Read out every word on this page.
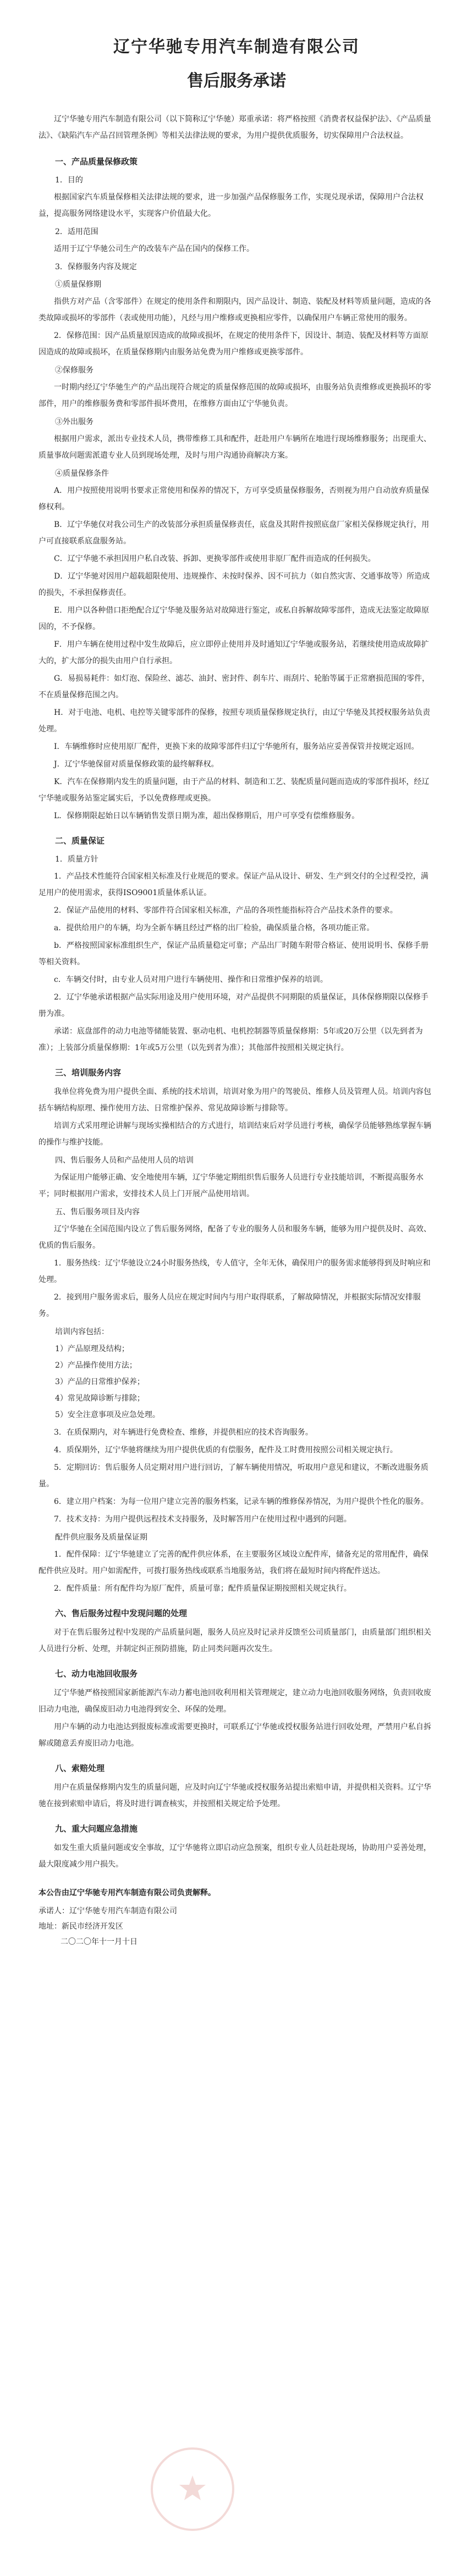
辽宁华驰专用汽车制造有限公司
售后服务承诺

辽宁华驰专用汽车制造有限公司（以下简称辽宁华驰）郑重承诺：将严格按照《消费者权益保护法》、《产品质量法》、《缺陷汽车产品召回管理条例》等相关法律法规的要求，为用户提供优质服务，切实保障用户合法权益。

一、产品质量保修政策
1．目的
根据国家汽车质量保修相关法律法规的要求，进一步加强产品保修服务工作，实现兑现承诺，保障用户合法权益，提高服务网络建设水平，实现客户价值最大化。
2．适用范围
适用于辽宁华驰公司生产的改装车产品在国内的保修工作。
3．保修服务内容及规定
①质量保修期
指供方对产品（含零部件）在规定的使用条件和期限内，因产品设计、制造、装配及材料等质量问题，造成的各类故障或损坏的零部件（表或使用功能），凡经与用户维修或更换相应零件，以确保用户车辆正常使用的服务。
2．保修范围：因产品质量原因造成的故障或损坏，在规定的使用条件下，因设计、制造、装配及材料等方面原因造成的故障或损坏，在质量保修期内由服务站免费为用户维修或更换零部件。
②保修服务
一时期内经辽宁华驰生产的产品出现符合规定的质量保修范围的故障或损坏，由服务站负责维修或更换损坏的零部件，用户的维修服务费和零部件损坏费用，在维修方面由辽宁华驰负责。
③外出服务
根据用户需求，派出专业技术人员，携带维修工具和配件，赶赴用户车辆所在地进行现场维修服务；出现重大、质量事故问题需派遣专业人员到现场处理，及时与用户沟通协商解决方案。
④质量保修条件
A．用户按照使用说明书要求正常使用和保养的情况下，方可享受质量保修服务，否则视为用户自动放弃质量保修权利。
B．辽宁华驰仅对我公司生产的改装部分承担质量保修责任，底盘及其附件按照底盘厂家相关保修规定执行，用户可直接联系底盘服务站。
C．辽宁华驰不承担因用户私自改装、拆卸、更换零部件或使用非原厂配件而造成的任何损失。
D．辽宁华驰对因用户超载超限使用、违规操作、未按时保养、因不可抗力（如自然灾害、交通事故等）所造成的损失，不承担保修责任。
E．用户以各种借口拒绝配合辽宁华驰及服务站对故障进行鉴定，或私自拆解故障零部件，造成无法鉴定故障原因的，不予保修。
F．用户车辆在使用过程中发生故障后，应立即停止使用并及时通知辽宁华驰或服务站，若继续使用造成故障扩大的，扩大部分的损失由用户自行承担。
G．易损易耗件：如灯泡、保险丝、滤芯、油封、密封件、刹车片、雨刮片、轮胎等属于正常磨损范围的零件，不在质量保修范围之内。
H．对于电池、电机、电控等关键零部件的保修，按照专项质量保修规定执行，由辽宁华驰及其授权服务站负责处理。
I．车辆维修时应使用原厂配件，更换下来的故障零部件归辽宁华驰所有，服务站应妥善保管并按规定返回。
J．辽宁华驰保留对质量保修政策的最终解释权。
K．汽车在保修期内发生的质量问题，由于产品的材料、制造和工艺、装配质量问题而造成的零部件损坏，经辽宁华驰或服务站鉴定属实后，予以免费修理或更换。
L．保修期限起始日以车辆销售发票日期为准，超出保修期后，用户可享受有偿维修服务。
二、质量保证
1．质量方针
1．产品技术性能符合国家相关标准及行业规范的要求。保证产品从设计、研发、生产到交付的全过程受控，满足用户的使用需求，获得ISO9001质量体系认证。
2．保证产品使用的材料、零部件符合国家相关标准，产品的各项性能指标符合产品技术条件的要求。
a．提供给用户的车辆，均为全新车辆且经过严格的出厂检验，确保质量合格，各项功能正常。
b．严格按照国家标准组织生产，保证产品质量稳定可靠；产品出厂时随车附带合格证、使用说明书、保修手册等相关资料。
c．车辆交付时，由专业人员对用户进行车辆使用、操作和日常维护保养的培训。
2．辽宁华驰承诺根据产品实际用途及用户使用环境，对产品提供不同期限的质量保证，具体保修期限以保修手册为准。
承诺：底盘部件的动力电池等储能装置、驱动电机、电机控制器等质量保修期：5年或20万公里（以先到者为准）；上装部分质量保修期：1年或5万公里（以先到者为准）；其他部件按照相关规定执行。
三、培训服务内容
我单位将免费为用户提供全面、系统的技术培训，培训对象为用户的驾驶员、维修人员及管理人员。培训内容包括车辆结构原理、操作使用方法、日常维护保养、常见故障诊断与排除等。
培训方式采用理论讲解与现场实操相结合的方式进行，培训结束后对学员进行考核，确保学员能够熟练掌握车辆的操作与维护技能。
四、售后服务人员和产品使用人员的培训
为保证用户能够正确、安全地使用车辆，辽宁华驰定期组织售后服务人员进行专业技能培训，不断提高服务水平；同时根据用户需求，安排技术人员上门开展产品使用培训。
五、售后服务项目及内容
辽宁华驰在全国范围内设立了售后服务网络，配备了专业的服务人员和服务车辆，能够为用户提供及时、高效、优质的售后服务。
1．服务热线：辽宁华驰设立24小时服务热线，专人值守，全年无休，确保用户的服务需求能够得到及时响应和处理。
2．接到用户服务需求后，服务人员应在规定时间内与用户取得联系，了解故障情况，并根据实际情况安排服务。
培训内容包括：
1）产品原理及结构；
2）产品操作使用方法；
3）产品的日常维护保养；
4）常见故障诊断与排除；
5）安全注意事项及应急处理。
3．在质保期内，对车辆进行免费检查、维修，并提供相应的技术咨询服务。
4．质保期外，辽宁华驰将继续为用户提供优质的有偿服务，配件及工时费用按照公司相关规定执行。
5．定期回访：售后服务人员定期对用户进行回访，了解车辆使用情况，听取用户意见和建议，不断改进服务质量。
6．建立用户档案：为每一位用户建立完善的服务档案，记录车辆的维修保养情况，为用户提供个性化的服务。
7．技术支持：为用户提供远程技术支持服务，及时解答用户在使用过程中遇到的问题。
配件供应服务及质量保证期
1．配件保障：辽宁华驰建立了完善的配件供应体系，在主要服务区域设立配件库，储备充足的常用配件，确保配件供应及时。用户如需配件，可拨打服务热线或联系当地服务站，我们将在最短时间内将配件送达。
2．配件质量：所有配件均为原厂配件，质量可靠；配件质量保证期按照相关规定执行。
六、售后服务过程中发现问题的处理
对于在售后服务过程中发现的产品质量问题，服务人员应及时记录并反馈至公司质量部门，由质量部门组织相关人员进行分析、处理，并制定纠正预防措施，防止同类问题再次发生。
七、动力电池回收服务
辽宁华驰严格按照国家新能源汽车动力蓄电池回收利用相关管理规定，建立动力电池回收服务网络，负责回收废旧动力电池，确保废旧动力电池得到安全、环保的处理。
用户车辆的动力电池达到报废标准或需要更换时，可联系辽宁华驰或授权服务站进行回收处理，严禁用户私自拆解或随意丢弃废旧动力电池。
八、索赔处理
用户在质量保修期内发生的质量问题，应及时向辽宁华驰或授权服务站提出索赔申请，并提供相关资料。辽宁华驰在接到索赔申请后，将及时进行调查核实，并按照相关规定给予处理。
九、重大问题应急措施
如发生重大质量问题或安全事故，辽宁华驰将立即启动应急预案，组织专业人员赶赴现场，协助用户妥善处理，最大限度减少用户损失。
本公告由辽宁华驰专用汽车制造有限公司负责解释。
承诺人：辽宁华驰专用汽车制造有限公司
地址：新民市经济开发区
二〇二〇年十一月十日
